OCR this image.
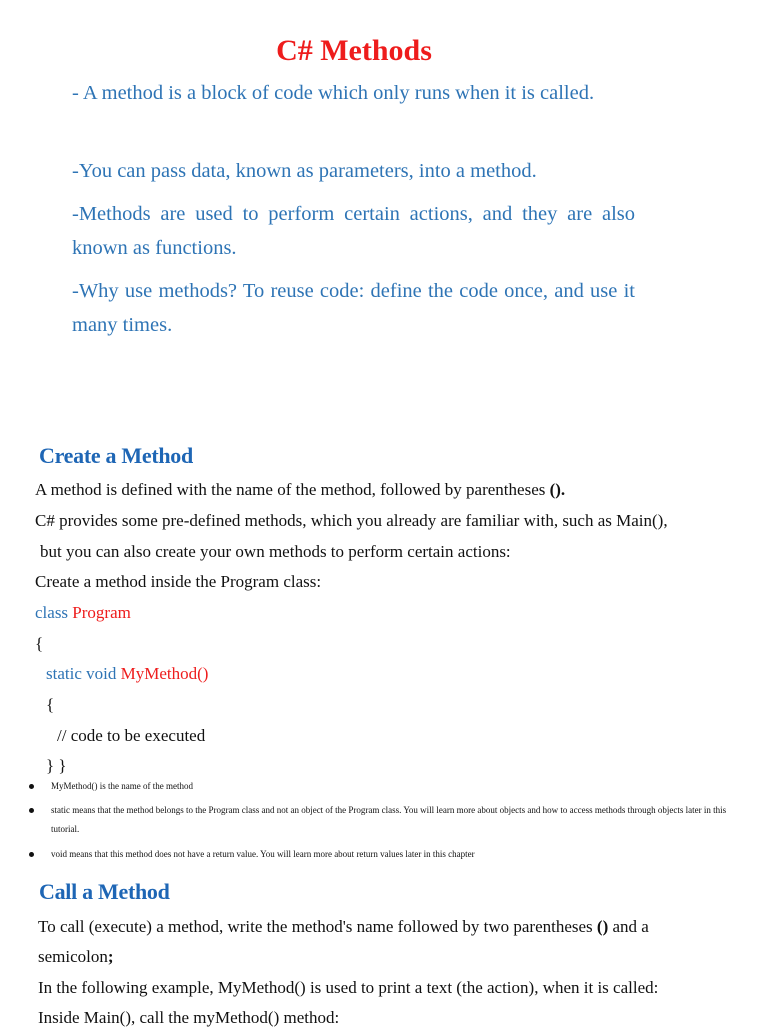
C# Methods

- A method is a block of code which only runs when it is called.

-You can pass data, known as parameters, into a method.

-Methods are used to perform certain actions, and they are also known as functions.

-Why use methods? To reuse code: define the code once, and use it many times.

Create a Method

A method is defined with the name of the method, followed by parentheses ().

C# provides some pre-defined methods, which you already are familiar with, such as Main(),

but you can also create your own methods to perform certain actions:

Create a method inside the Program class:

class Program

{

static void MyMethod()

{

// code to be executed

} }

MyMethod() is the name of the method
static means that the method belongs to the Program class and not an object of the Program class. You will learn more about objects and how to access methods through objects later in this tutorial.
void means that this method does not have a return value. You will learn more about return values later in this chapter
Call a Method

To call (execute) a method, write the method's name followed by two parentheses () and a

semicolon;

In the following example, MyMethod() is used to print a text (the action), when it is called:

Inside Main(), call the myMethod() method:
